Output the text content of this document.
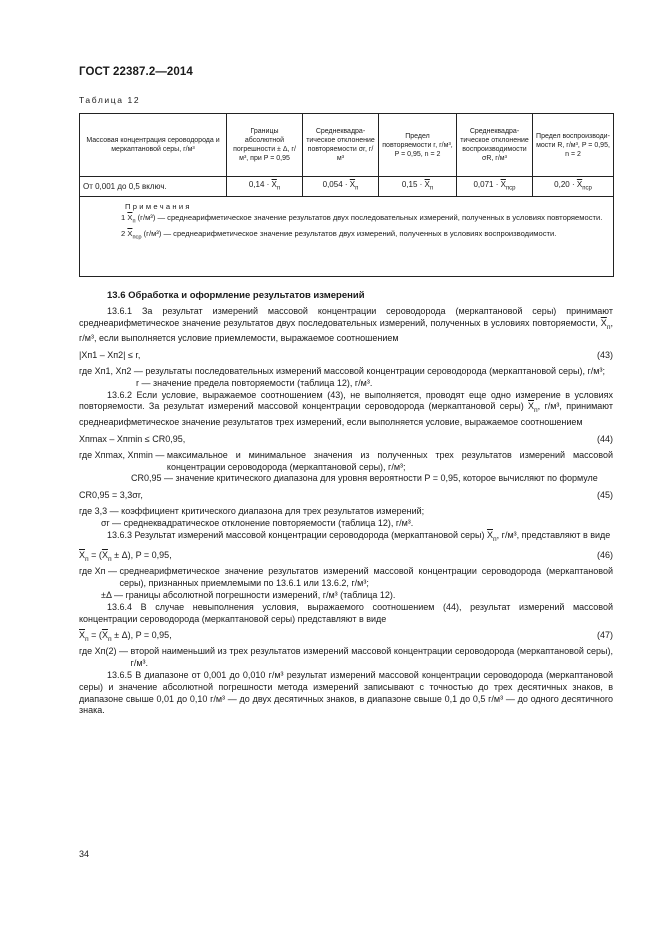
ГОСТ 22387.2—2014
Таблица 12
Массовая концентрация сероводорода и меркаптановой серы, г/м³	Границы абсолютной погрешности ± Δ, г/м³, при P = 0,95	Среднеквадратическое отклонение повторяемости σr, г/м³	Предел повторяемости r, г/м³, P = 0,95, n = 2	Среднеквадратическое отклонение воспроизводимости σR, г/м³	Предел воспроизводимости R, г/м³, P = 0,95, n = 2
От 0,001 до 0,5 включ.	$0,14 \cdot \overline{X}_п$	$0,054 \cdot \overline{X}_п$	$0,15 \cdot \overline{X}_п$	$0,071 \cdot \overline{X}_{пср}$	$0,20 \cdot \overline{X}_{пср}$

Примечания
1 $\overline{X}_п$ (г/м³) — среднеарифметическое значение результатов двух последовательных измерений, полученных в условиях повторяемости.
2 $\overline{X}_{пср}$ (г/м³) — среднеарифметическое значение результатов двух измерений, полученных в условиях воспроизводимости.					

13.6 Обработка и оформление результатов измерений

13.6.1 За результат измерений массовой концентрации сероводорода (меркаптановой серы) принимают среднеарифметическое значение результатов двух последовательных измерений, полученных в условиях повторяемости, $\overline{X}_п$, г/м³, если выполняется условие приемлемости, выражаемое соотношением

|Xп1 – Xп2| ≤ r,	(43)

где Xп1, Xп2 —
результаты последовательных измерений массовой концентрации сероводорода (меркаптановой серы), г/м³;
r —
значение предела повторяемости (таблица 12), г/м³.

13.6.2 Если условие, выражаемое соотношением (43), не выполняется, проводят еще одно измерение в условиях повторяемости. За результат измерений массовой концентрации сероводорода (меркаптановой серы) $\overline{X}_п$, г/м³, принимают среднеарифметическое значение результатов трех измерений, если выполняется условие, выражаемое соотношением

Xпmax – Xпmin ≤ CR0,95,	(44)

где Xпmax, Xпmin —
максимальное и минимальное значения из полученных трех результатов измерений массовой концентрации сероводорода (меркаптановой серы), г/м³;
CR0,95 —
значение критического диапазона для уровня вероятности P = 0,95, которое вычисляют по формуле

CR0,95 = 3,3σr,	(45)

где 3,3 —
коэффициент критического диапазона для трех результатов измерений;
σr —
среднеквадратическое отклонение повторяемости (таблица 12), г/м³.

13.6.3 Результат измерений массовой концентрации сероводорода (меркаптановой серы) $\overline{X}_п$, г/м³, представляют в виде

$\overline{X}_п = (\overline{X}_п \pm \Delta)$, P = 0,95,	(46)

где Xп —
среднеарифметическое значение результатов измерений массовой концентрации сероводорода (меркаптановой серы), признанных приемлемыми по 13.6.1 или 13.6.2, г/м³;
±Δ —
границы абсолютной погрешности измерений, г/м³ (таблица 12).

13.6.4 В случае невыполнения условия, выражаемого соотношением (44), результат измерений массовой концентрации сероводорода (меркаптановой серы) представляют в виде

$\overline{X}_п = (\overline{X}_п \pm \Delta)$, P = 0,95,	(47)

где Xп(2) —
второй наименьший из трех результатов измерений массовой концентрации сероводорода (меркаптановой серы), г/м³.

13.6.5 В диапазоне от 0,001 до 0,010 г/м³ результат измерений массовой концентрации сероводорода (меркаптановой серы) и значение абсолютной погрешности метода измерений записывают с точностью до трех десятичных знаков, в диапазоне свыше 0,01 до 0,10 г/м³ — до двух десятичных знаков, в диапазоне свыше 0,1 до 0,5 г/м³ — до одного десятичного знака.

34
